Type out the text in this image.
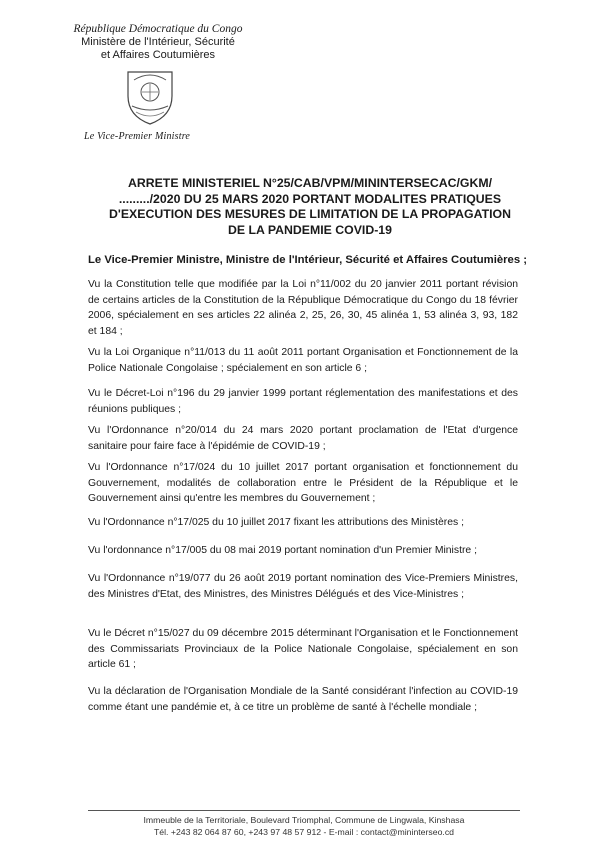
République Démocratique du Congo
Ministère de l'Intérieur, Sécurité
et Affaires Coutumières
Le Vice-Premier Ministre
ARRETE MINISTERIEL N°25/CAB/VPM/MININTERSECAC/GKM/
........./2020 DU 25 MARS 2020 PORTANT MODALITES PRATIQUES
D'EXECUTION DES MESURES DE LIMITATION DE LA PROPAGATION
DE LA PANDEMIE COVID-19
Le Vice-Premier Ministre, Ministre de l'Intérieur, Sécurité et Affaires Coutumières ;
Vu la Constitution telle que modifiée par la Loi n°11/002 du 20 janvier 2011 portant révision de certains articles de la Constitution de la République Démocratique du Congo du 18 février 2006, spécialement en ses articles 22 alinéa 2, 25, 26, 30, 45 alinéa 1, 53 alinéa 3, 93, 182 et 184 ;
Vu la Loi Organique n°11/013 du 11 août 2011 portant Organisation et Fonctionnement de la Police Nationale Congolaise ; spécialement en son article 6 ;
Vu le Décret-Loi n°196 du 29 janvier 1999 portant réglementation des manifestations et des réunions publiques ;
Vu l'Ordonnance n°20/014 du 24 mars 2020 portant proclamation de l'Etat d'urgence sanitaire pour faire face à l'épidémie de COVID-19 ;
Vu l'Ordonnance n°17/024 du 10 juillet 2017 portant organisation et fonctionnement du Gouvernement, modalités de collaboration entre le Président de la République et le Gouvernement ainsi qu'entre les membres du Gouvernement ;
Vu l'Ordonnance n°17/025 du 10 juillet 2017 fixant les attributions des Ministères ;
Vu l'ordonnance n°17/005 du 08 mai 2019 portant nomination d'un Premier Ministre ;
Vu l'Ordonnance n°19/077 du 26 août 2019 portant nomination des Vice-Premiers Ministres, des Ministres d'Etat, des Ministres, des Ministres Délégués et des Vice-Ministres ;
Vu le Décret n°15/027 du 09 décembre 2015 déterminant l'Organisation et le Fonctionnement des Commissariats Provinciaux de la Police Nationale Congolaise, spécialement en son article 61 ;
Vu la déclaration de l'Organisation Mondiale de la Santé considérant l'infection au COVID-19 comme étant une pandémie et, à ce titre un problème de santé à l'échelle mondiale ;
Immeuble de la Territoriale, Boulevard Triomphal, Commune de Lingwala, Kinshasa
Tél. +243 82 064 87 60, +243 97 48 57 912 - E-mail : contact@mininterseo.cd
